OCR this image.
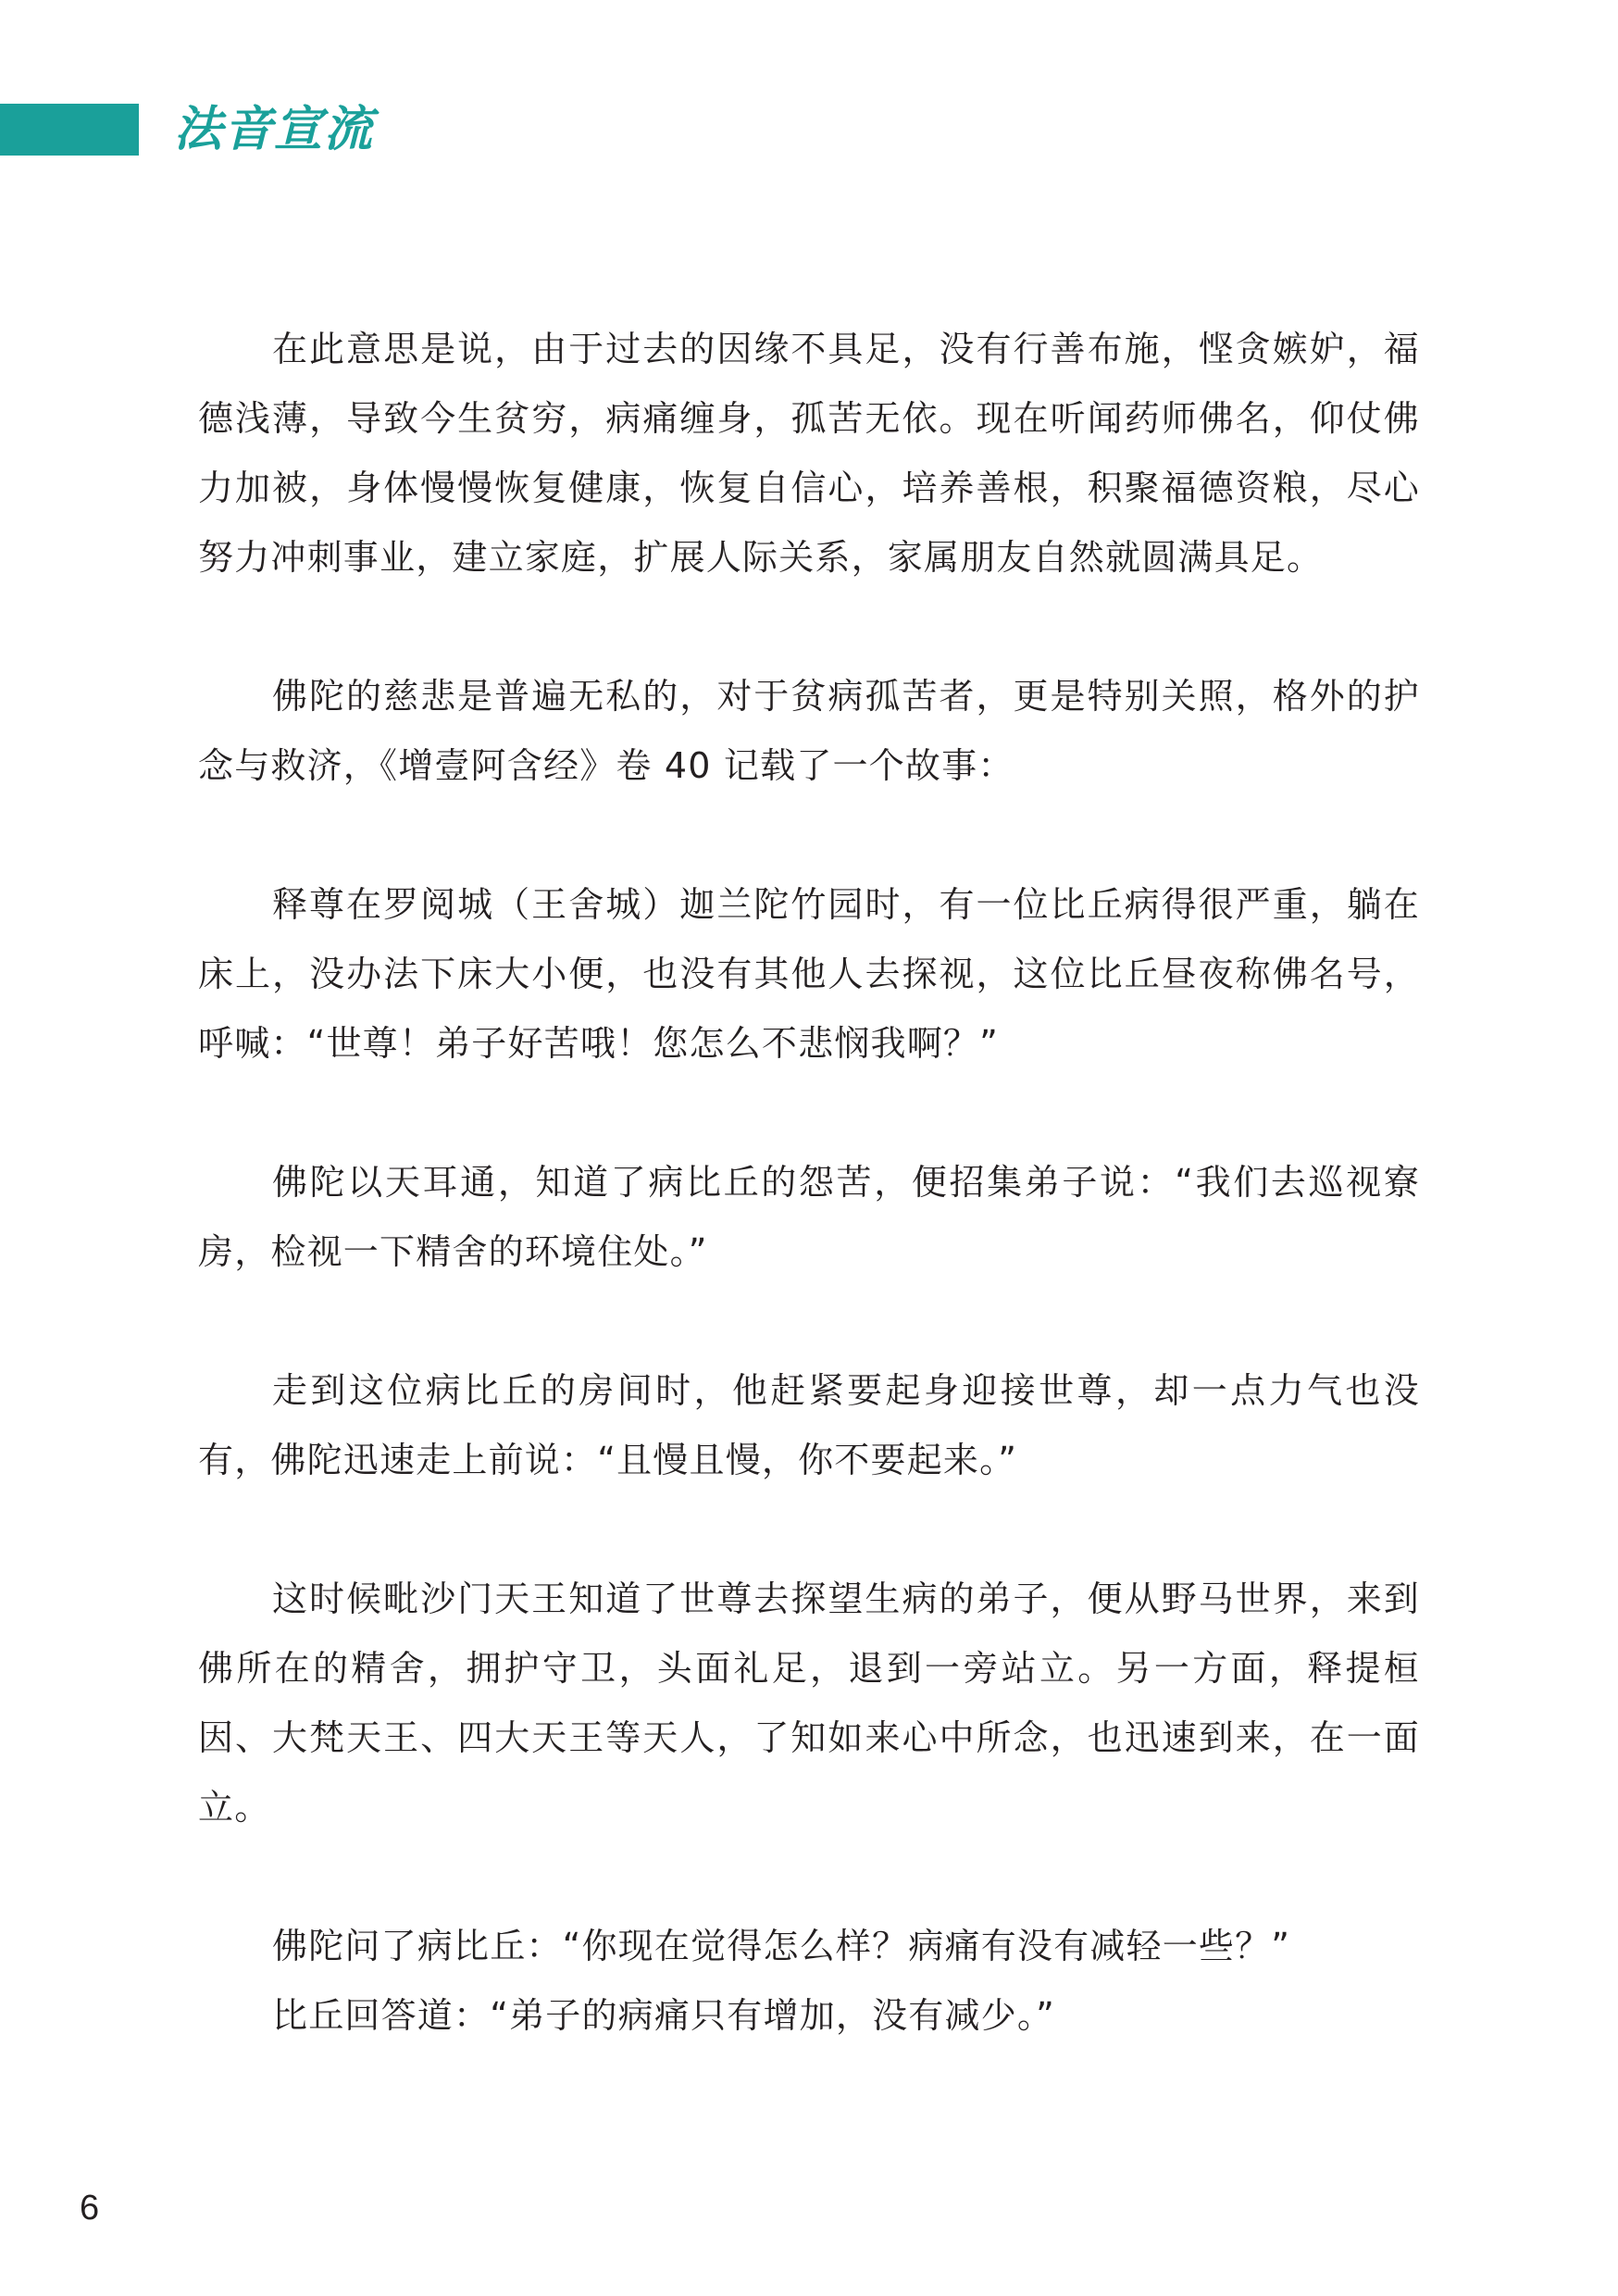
法音宣流

在此意思是说，由于过去的因缘不具足，没有行善布施，悭贪嫉妒，福德浅薄，导致今生贫穷，病痛缠身，孤苦无依。现在听闻药师佛名，仰仗佛力加被，身体慢慢恢复健康，恢复自信心，培养善根，积聚福德资粮，尽心努力冲刺事业，建立家庭，扩展人际关系，家属朋友自然就圆满具足。

佛陀的慈悲是普遍无私的，对于贫病孤苦者，更是特别关照，格外的护念与救济，《增壹阿含经》卷 40 记载了一个故事：

释尊在罗阅城（王舍城）迦兰陀竹园时，有一位比丘病得很严重，躺在床上，没办法下床大小便，也没有其他人去探视，这位比丘昼夜称佛名号，呼喊：“世尊！弟子好苦哦！您怎么不悲悯我啊？”

佛陀以天耳通，知道了病比丘的怨苦，便招集弟子说：“我们去巡视寮房，检视一下精舍的环境住处。”

走到这位病比丘的房间时，他赶紧要起身迎接世尊，却一点力气也没有，佛陀迅速走上前说：“且慢且慢，你不要起来。”

这时候毗沙门天王知道了世尊去探望生病的弟子，便从野马世界，来到佛所在的精舍，拥护守卫，头面礼足，退到一旁站立。另一方面，释提桓因、大梵天王、四大天王等天人，了知如来心中所念，也迅速到来，在一面立。

佛陀问了病比丘：“你现在觉得怎么样？病痛有没有减轻一些？”

比丘回答道：“弟子的病痛只有增加，没有减少。”

6
